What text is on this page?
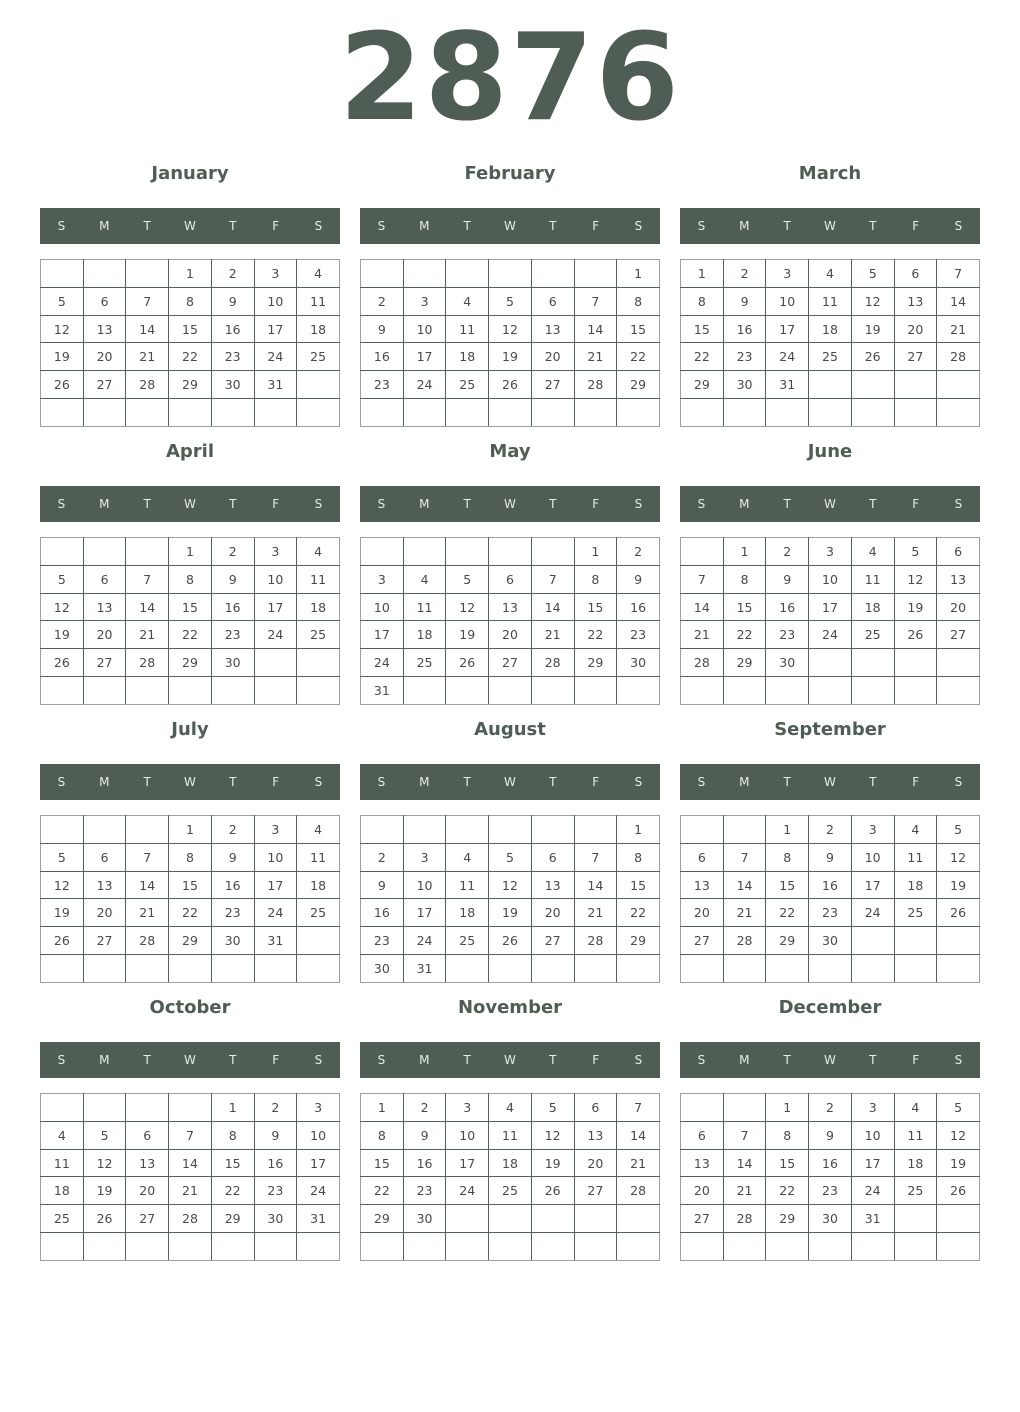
2876
January
S	M	T	W	T	F	S
			1	2	3	4
5	6	7	8	9	10	11
12	13	14	15	16	17	18
19	20	21	22	23	24	25
26	27	28	29	30	31	

February
S	M	T	W	T	F	S
						1
2	3	4	5	6	7	8
9	10	11	12	13	14	15
16	17	18	19	20	21	22
23	24	25	26	27	28	29

March
S	M	T	W	T	F	S
1	2	3	4	5	6	7
8	9	10	11	12	13	14
15	16	17	18	19	20	21
22	23	24	25	26	27	28
29	30	31				

April
S	M	T	W	T	F	S
			1	2	3	4
5	6	7	8	9	10	11
12	13	14	15	16	17	18
19	20	21	22	23	24	25
26	27	28	29	30		

May
S	M	T	W	T	F	S
					1	2
3	4	5	6	7	8	9
10	11	12	13	14	15	16
17	18	19	20	21	22	23
24	25	26	27	28	29	30
31						
June
S	M	T	W	T	F	S
	1	2	3	4	5	6
7	8	9	10	11	12	13
14	15	16	17	18	19	20
21	22	23	24	25	26	27
28	29	30				

July
S	M	T	W	T	F	S
			1	2	3	4
5	6	7	8	9	10	11
12	13	14	15	16	17	18
19	20	21	22	23	24	25
26	27	28	29	30	31	

August
S	M	T	W	T	F	S
						1
2	3	4	5	6	7	8
9	10	11	12	13	14	15
16	17	18	19	20	21	22
23	24	25	26	27	28	29
30	31					
September
S	M	T	W	T	F	S
		1	2	3	4	5
6	7	8	9	10	11	12
13	14	15	16	17	18	19
20	21	22	23	24	25	26
27	28	29	30			

October
S	M	T	W	T	F	S
				1	2	3
4	5	6	7	8	9	10
11	12	13	14	15	16	17
18	19	20	21	22	23	24
25	26	27	28	29	30	31

November
S	M	T	W	T	F	S
1	2	3	4	5	6	7
8	9	10	11	12	13	14
15	16	17	18	19	20	21
22	23	24	25	26	27	28
29	30					

December
S	M	T	W	T	F	S
		1	2	3	4	5
6	7	8	9	10	11	12
13	14	15	16	17	18	19
20	21	22	23	24	25	26
27	28	29	30	31		
